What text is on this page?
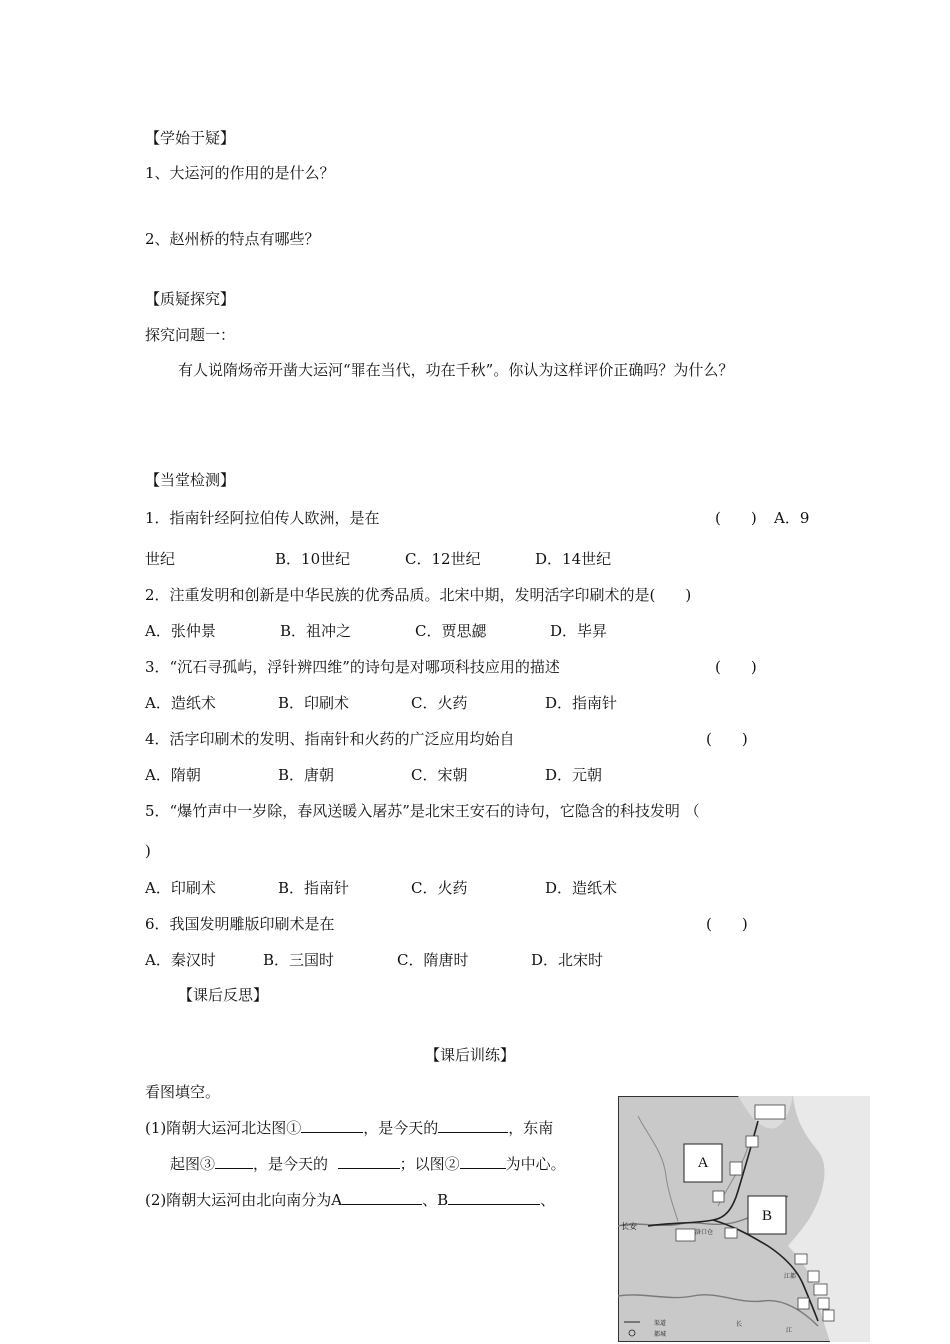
【学始于疑】
1、大运河的作用的是什么？
2、赵州桥的特点有哪些？
【质疑探究】
探究问题一：
有人说隋炀帝开凿大运河“罪在当代，功在千秋”。你认为这样评价正确吗？为什么？
【当堂检测】
1．指南针经阿拉伯传人欧洲，是在	(　　) A．9
世纪	B．10世纪	C．12世纪	D．14世纪
2．注重发明和创新是中华民族的优秀品质。北宋中期，发明活字印刷术的是(　　)
A．张仲景	B．祖冲之	C．贾思勰	D．毕昇
3．“沉石寻孤屿，浮针辨四维”的诗句是对哪项科技应用的描述	(　　)
A．造纸术	B．印刷术	C．火药	D．指南针
4．活字印刷术的发明、指南针和火药的广泛应用均始自	(　　)
A．隋朝	B．唐朝	C．宋朝	D．元朝
5．“爆竹声中一岁除，春风送暖入屠苏”是北宋王安石的诗句，它隐含的科技发明 （
)
A．印刷术	B．指南针	C．火药	D．造纸术
6．我国发明雕版印刷术是在	(　　)
A．秦汉时	B．三国时	C．隋唐时	D．北宋时
【课后反思】
【课后训练】
看图填空。
(1)隋朝大运河北达图①	，是今天的	，东南
起图③	，是今天的	；以图②	为中心。
(2)隋朝大运河由北向南分为A	、B	、
A
B
长安
洛口仓
江都
长
江
渠道
都城
